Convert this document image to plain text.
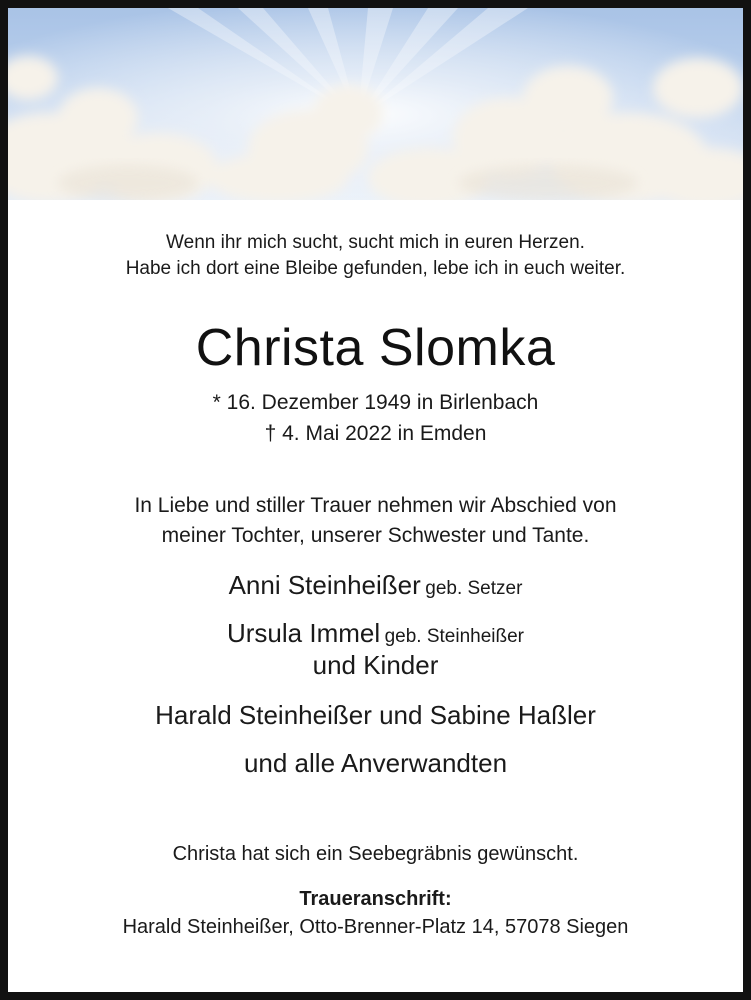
Wenn ihr mich sucht, sucht mich in euren Herzen.
Habe ich dort eine Bleibe gefunden, lebe ich in euch weiter.
Christa Slomka
* 16. Dezember 1949 in Birlenbach
† 4. Mai 2022 in Emden
In Liebe und stiller Trauer nehmen wir Abschied von
meiner Tochter, unserer Schwester und Tante.
Anni Steinheißer geb. Setzer
Ursula Immel geb. Steinheißer
und Kinder
Harald Steinheißer und Sabine Haßler
und alle Anverwandten
Christa hat sich ein Seebegräbnis gewünscht.
Traueranschrift:
Harald Steinheißer, Otto-Brenner-Platz 14, 57078 Siegen
